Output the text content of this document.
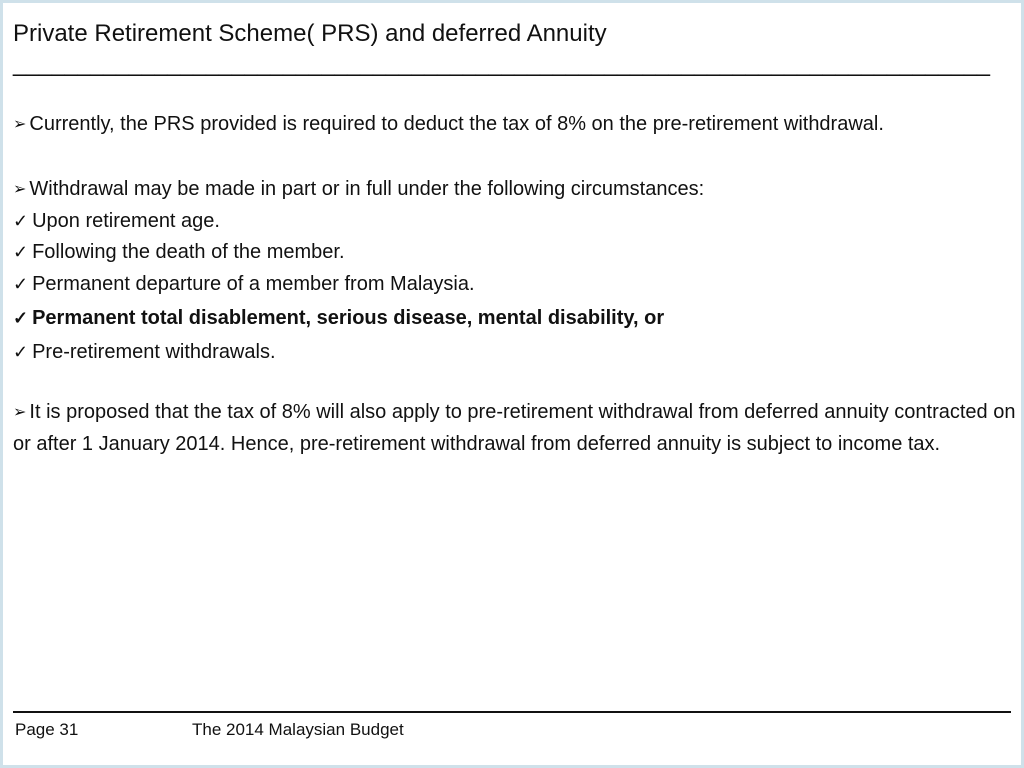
Private Retirement Scheme( PRS) and deferred Annuity
____________________________________________________________________________
➢ Currently, the PRS provided is required to deduct the tax of 8% on the pre-retirement withdrawal.
➢ Withdrawal may be made in part or in full under the following circumstances:
✓ Upon retirement age.
✓ Following the death of the member.
✓ Permanent departure of a member from Malaysia.
✓ Permanent total disablement, serious disease, mental disability, or
✓ Pre-retirement withdrawals.
➢ It is proposed that the tax of 8% will also apply to pre-retirement withdrawal from deferred annuity contracted on or after 1 January 2014. Hence, pre-retirement withdrawal from deferred annuity is subject to income tax.
Page 31	The 2014 Malaysian Budget
